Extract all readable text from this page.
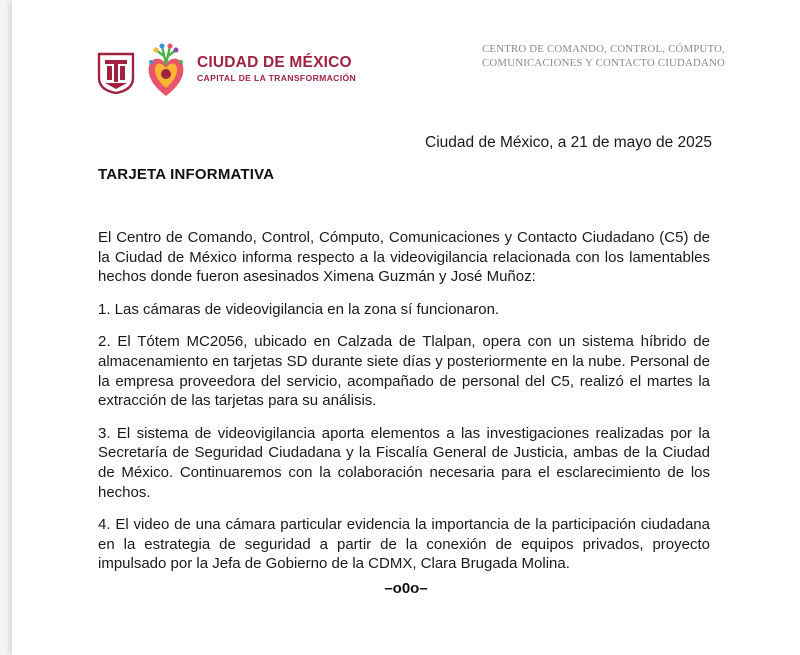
CIUDAD DE MÉXICO
CAPITAL DE LA TRANSFORMACIÓN
CENTRO DE COMANDO, CONTROL, CÓMPUTO,
COMUNICACIONES Y CONTACTO CIUDADANO
Ciudad de México, a 21 de mayo de 2025
TARJETA INFORMATIVA

El Centro de Comando, Control, Cómputo, Comunicaciones y Contacto Ciudadano (C5) de la Ciudad de México informa respecto a la videovigilancia relacionada con los lamentables hechos donde fueron asesinados Ximena Guzmán y José Muñoz:

1. Las cámaras de videovigilancia en la zona sí funcionaron.

2. El Tótem MC2056, ubicado en Calzada de Tlalpan, opera con un sistema híbrido de almacenamiento en tarjetas SD durante siete días y posteriormente en la nube. Personal de la empresa proveedora del servicio, acompañado de personal del C5, realizó el martes la extracción de las tarjetas para su análisis.

3. El sistema de videovigilancia aporta elementos a las investigaciones realizadas por la Secretaría de Seguridad Ciudadana y la Fiscalía General de Justicia, ambas de la Ciudad de México. Continuaremos con la colaboración necesaria para el esclarecimiento de los hechos.

4. El video de una cámara particular evidencia la importancia de la participación ciudadana en la estrategia de seguridad a partir de la conexión de equipos privados, proyecto impulsado por la Jefa de Gobierno de la CDMX, Clara Brugada Molina.

–o0o–
